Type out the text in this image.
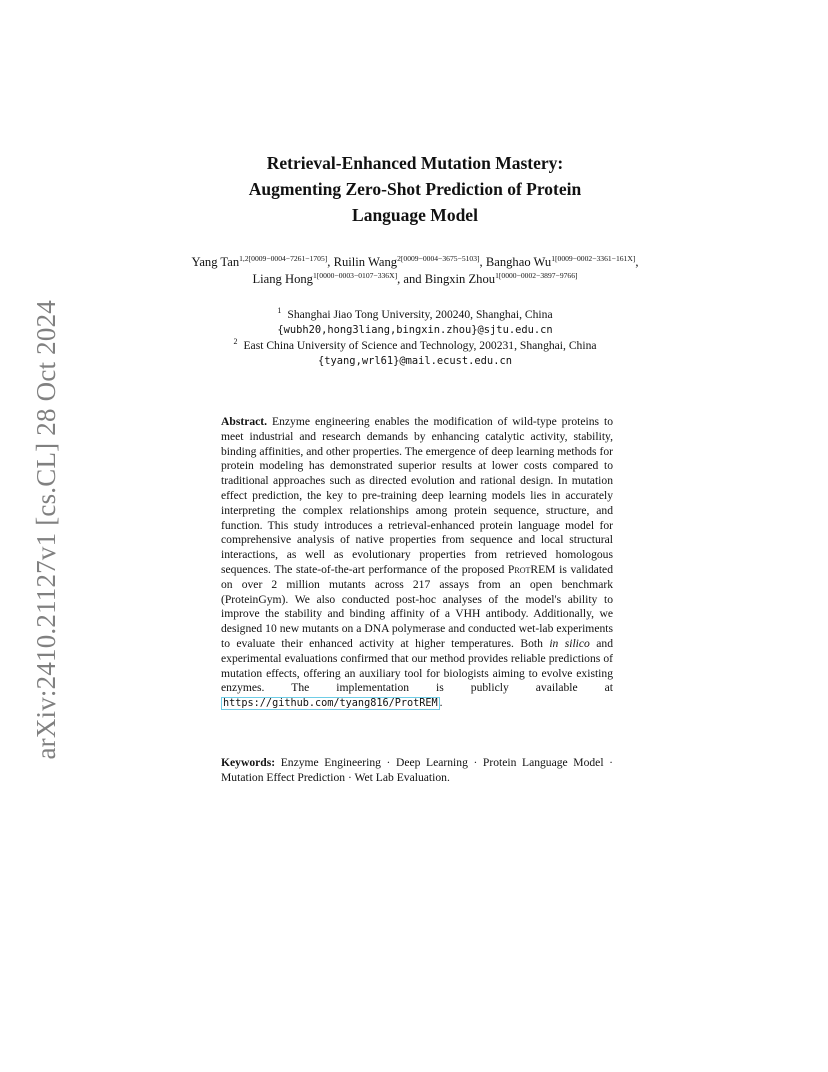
arXiv:2410.21127v1 [cs.CL] 28 Oct 2024
Retrieval-Enhanced Mutation Mastery:
Augmenting Zero-Shot Prediction of Protein
Language Model
Yang Tan$^{1,2[0009-0004-7261-1705]}$, Ruilin Wang$^{2[0009-0004-3675-5103]}$, Banghao $Wu^{1[0009-0002-3361-161X]}$, Liang Hong$^{1[0000-0003-0107-336X]}$, and Bingxin Zhou$^{1[0000-0002-3897-9766]}$
$^1$ Shanghai Jiao Tong University, 200240, Shanghai, China
{wubh20,hong3liang,bingxin.zhou}@sjtu.edu.cn
$^2$ East China University of Science and Technology, 200231, Shanghai, China
{tyang,wrl61}@mail.ecust.edu.cn

Abstract. Enzyme engineering enables the modification of wild-type proteins to meet industrial and research demands by enhancing catalytic activity, stability, binding affinities, and other properties. The emergence of deep learning methods for protein modeling has demonstrated superior results at lower costs compared to traditional approaches such as directed evolution and rational design. In mutation effect prediction, the key to pre-training deep learning models lies in accurately interpreting the complex relationships among protein sequence, structure, and function. This study introduces a retrieval-enhanced protein language model for comprehensive analysis of native properties from sequence and local structural interactions, as well as evolutionary properties from retrieved homologous sequences. The state-of-the-art performance of the proposed ProtREM is validated on over 2 million mutants across 217 assays from an open benchmark (ProteinGym). We also conducted post-hoc analyses of the model's ability to improve the stability and binding affinity of a VHH antibody. Additionally, we designed 10 new mutants on a DNA polymerase and conducted wet-lab experiments to evaluate their enhanced activity at higher temperatures. Both in silico and experimental evaluations confirmed that our method provides reliable predictions of mutation effects, offering an auxiliary tool for biologists aiming to evolve existing enzymes. The implementation is publicly available at https://github.com/tyang816/ProtREM .

Keywords: Enzyme Engineering · Deep Learning · Protein Language Model · Mutation Effect Prediction · Wet Lab Evaluation.
